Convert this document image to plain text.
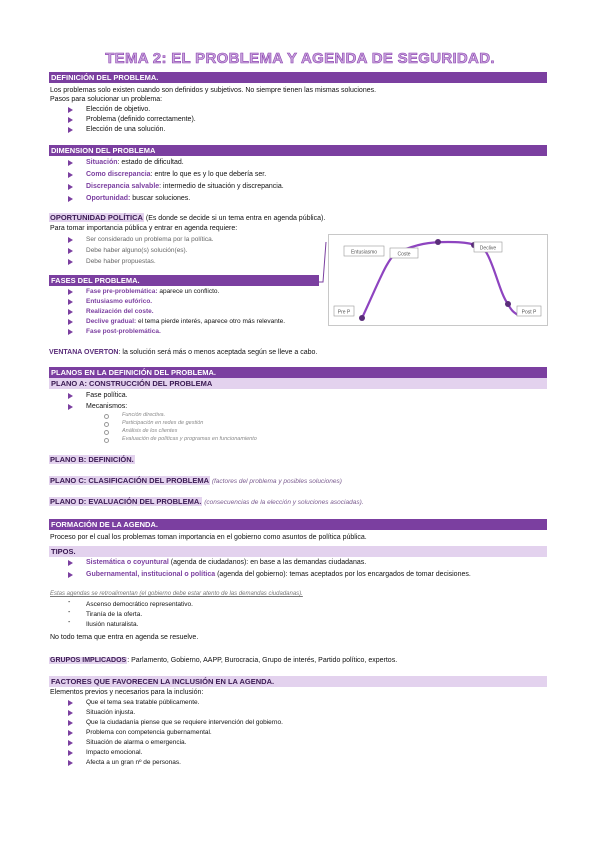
TEMA 2: EL PROBLEMA Y AGENDA DE SEGURIDAD.
DEFINICIÓN DEL PROBLEMA.
Los problemas solo existen cuando son definidos y subjetivos. No siempre tienen las mismas soluciones.
Pasos para solucionar un problema:
Elección de objetivo.
Problema (definido correctamente).
Elección de una solución.
DIMENSION DEL PROBLEMA
Situación: estado de dificultad.
Como discrepancia: entre lo que es y lo que debería ser.
Discrepancia salvable: intermedio de situación y discrepancia.
Oportunidad: buscar soluciones.
OPORTUNIDAD POLÍTICA (Es donde se decide si un tema entra en agenda pública).
Para tomar importancia pública y entrar en agenda requiere:
Ser considerado un problema por la política.
Debe haber alguno(s) solución(es).
Debe haber propuestas.
FASES DEL PROBLEMA.
Fase pre-problemática: aparece un conflicto.
Entusiasmo eufórico.
Realización del coste.
Declive gradual: el tema pierde interés, aparece otro más relevante.
Fase post-problemática.
Pre P
Entusiasmo	Coste
Declive
Post P
VENTANA OVERTON: la solución será más o menos aceptada según se lleve a cabo.
PLANOS EN LA DEFINICIÓN DEL PROBLEMA.
PLANO A: CONSTRUCCIÓN DEL PROBLEMA
Fase política.
Mecanismos:
Función directiva.
Participación en redes de gestión
Análisis de los clientes
Evaluación de políticas y programas en funcionamiento
PLANO B: DEFINICIÓN.
PLANO C: CLASIFICACIÓN DEL PROBLEMA (factores del problema y posibles soluciones)
PLANO D: EVALUACIÓN DEL PROBLEMA. (consecuencias de la elección y soluciones asociadas).
FORMACIÓN DE LA AGENDA.
Proceso por el cual los problemas toman importancia en el gobierno como asuntos de política pública.
TIPOS.
Sistemática o coyuntural (agenda de ciudadanos): en base a las demandas ciudadanas.
Gubernamental, institucional o política (agenda del gobierno): temas aceptados por los encargados de tomar decisiones.
Estas agendas se retroalimentan (el gobierno debe estar atento de las demandas ciudadanas).
- Ascenso democrático representativo.
- Tiranía de la oferta.
- Ilusión naturalista.
No todo tema que entra en agenda se resuelve.
GRUPOS IMPLICADOS: Parlamento, Gobierno, AAPP, Burocracia, Grupo de interés, Partido político, expertos.
FACTORES QUE FAVORECEN LA INCLUSIÓN EN LA AGENDA.
Elementos previos y necesarios para la inclusión:
Que el tema sea tratable públicamente.
Situación injusta.
Que la ciudadanía piense que se requiere intervención del gobierno.
Problema con competencia gubernamental.
Situación de alarma o emergencia.
Impacto emocional.
Afecta a un gran nº de personas.
